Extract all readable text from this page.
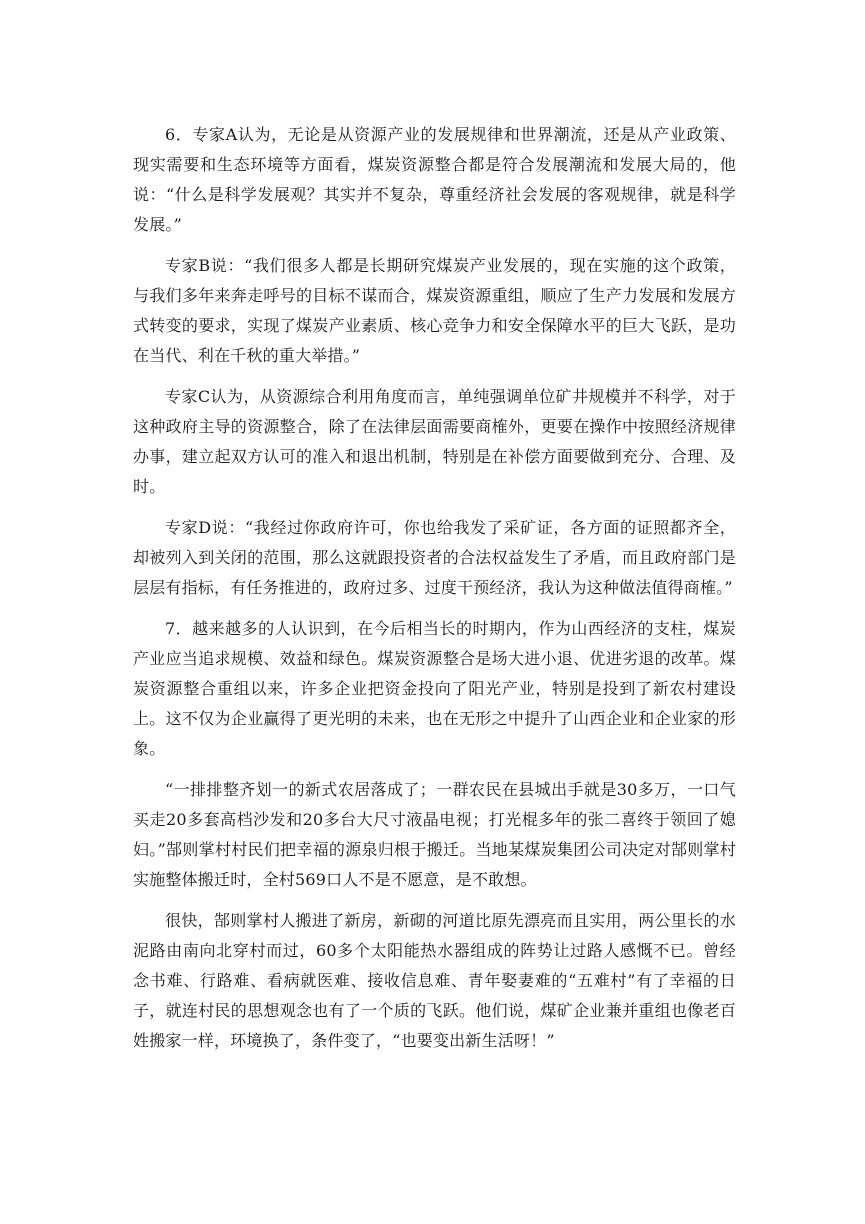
6．专家A认为，无论是从资源产业的发展规律和世界潮流，还是从产业政策、现实需要和生态环境等方面看，煤炭资源整合都是符合发展潮流和发展大局的，他说：“什么是科学发展观？其实并不复杂，尊重经济社会发展的客观规律，就是科学发展。”

专家B说：“我们很多人都是长期研究煤炭产业发展的，现在实施的这个政策，与我们多年来奔走呼号的目标不谋而合，煤炭资源重组，顺应了生产力发展和发展方式转变的要求，实现了煤炭产业素质、核心竞争力和安全保障水平的巨大飞跃，是功在当代、利在千秋的重大举措。”

专家C认为，从资源综合利用角度而言，单纯强调单位矿井规模并不科学，对于这种政府主导的资源整合，除了在法律层面需要商榷外，更要在操作中按照经济规律办事，建立起双方认可的准入和退出机制，特别是在补偿方面要做到充分、合理、及时。

专家D说：“我经过你政府许可，你也给我发了采矿证，各方面的证照都齐全，却被列入到关闭的范围，那么这就跟投资者的合法权益发生了矛盾，而且政府部门是层层有指标，有任务推进的，政府过多、过度干预经济，我认为这种做法值得商榷。”

7．越来越多的人认识到，在今后相当长的时期内，作为山西经济的支柱，煤炭产业应当追求规模、效益和绿色。煤炭资源整合是场大进小退、优进劣退的改革。煤炭资源整合重组以来，许多企业把资金投向了阳光产业，特别是投到了新农村建设上。这不仅为企业赢得了更光明的未来，也在无形之中提升了山西企业和企业家的形象。

“一排排整齐划一的新式农居落成了；一群农民在县城出手就是30多万，一口气买走20多套高档沙发和20多台大尺寸液晶电视；打光棍多年的张二喜终于领回了媳妇。”郜则掌村村民们把幸福的源泉归根于搬迁。当地某煤炭集团公司决定对郜则掌村实施整体搬迁时，全村569口人不是不愿意，是不敢想。

很快，郜则掌村人搬进了新房，新砌的河道比原先漂亮而且实用，两公里长的水泥路由南向北穿村而过，60多个太阳能热水器组成的阵势让过路人感慨不已。曾经念书难、行路难、看病就医难、接收信息难、青年娶妻难的“五难村”有了幸福的日子，就连村民的思想观念也有了一个质的飞跃。他们说，煤矿企业兼并重组也像老百姓搬家一样，环境换了，条件变了，“也要变出新生活呀！”
